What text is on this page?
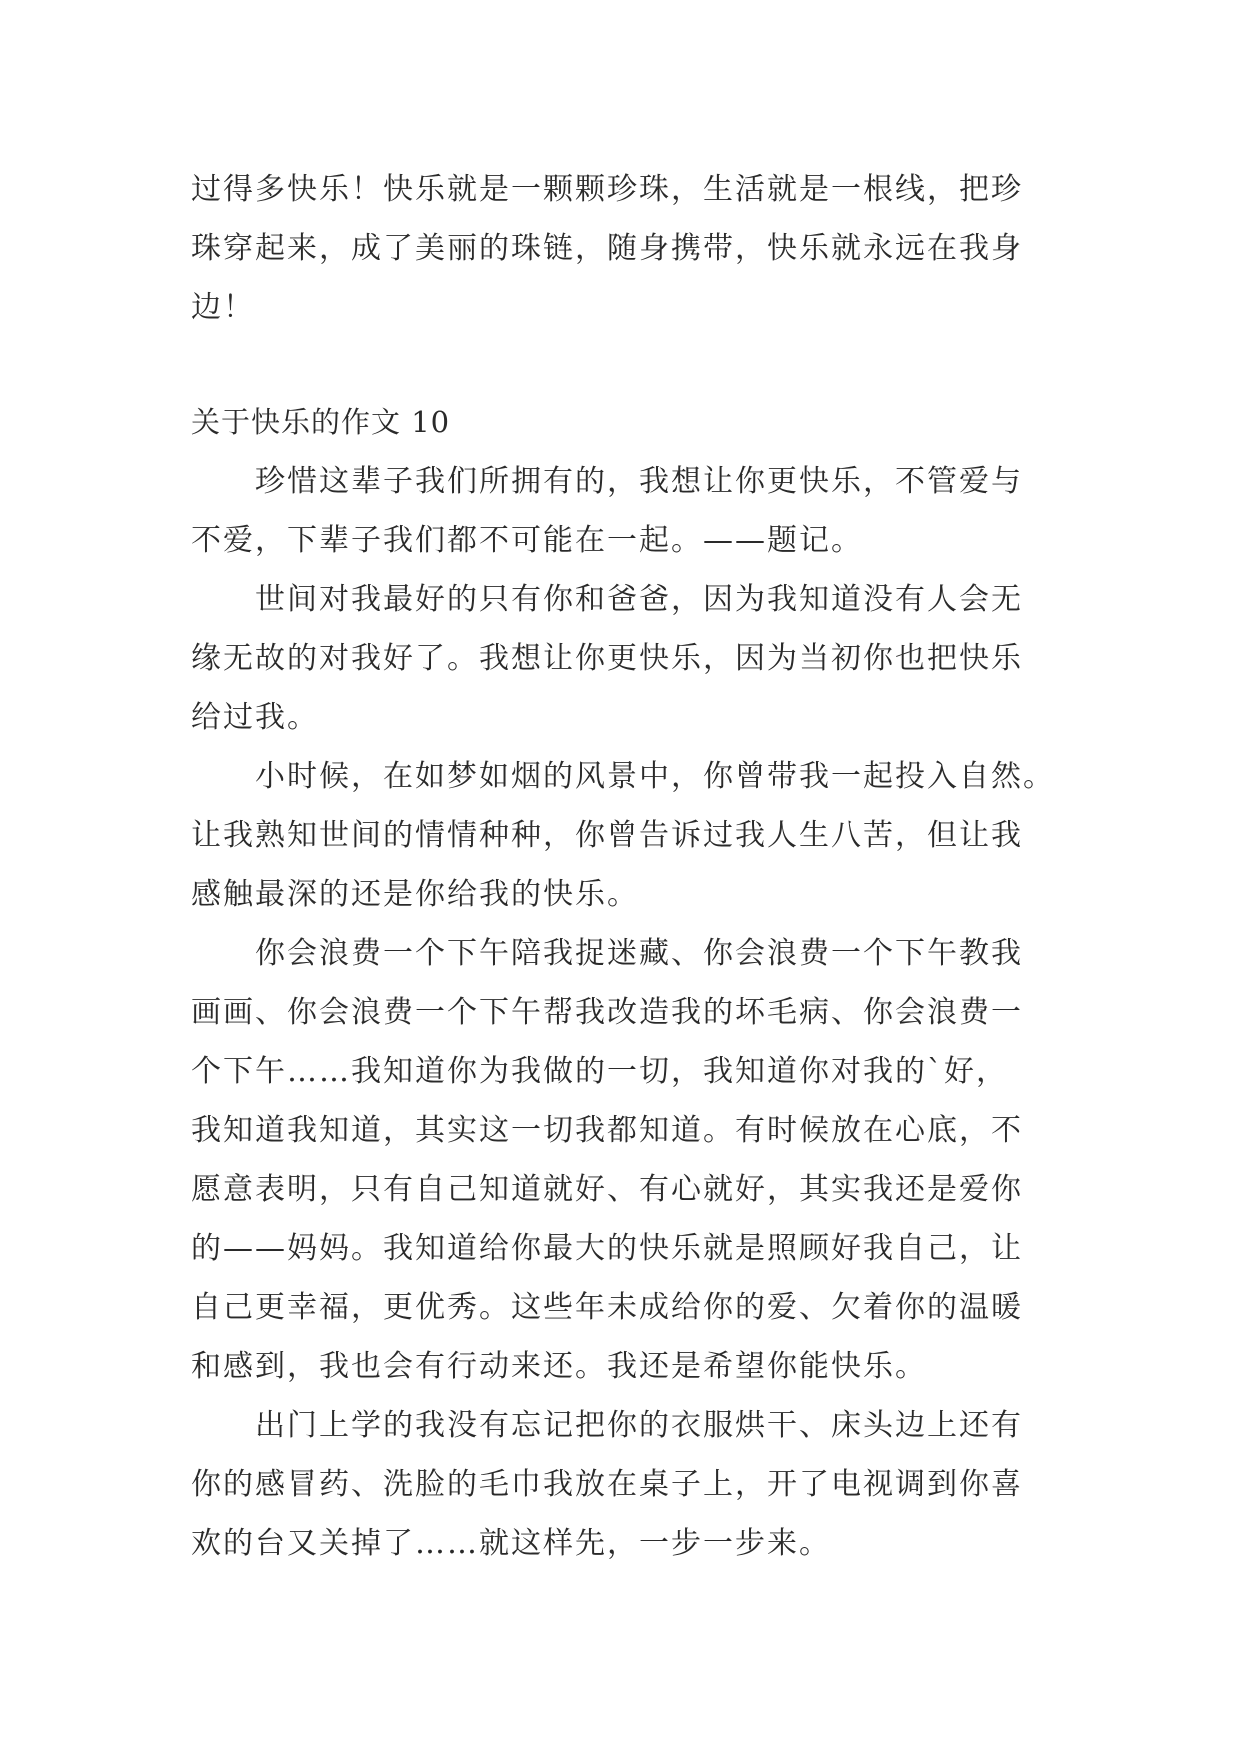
过得多快乐！快乐就是一颗颗珍珠，生活就是一根线，把珍
珠穿起来，成了美丽的珠链，随身携带，快乐就永远在我身
边！
关于快乐的作文 10
珍惜这辈子我们所拥有的，我想让你更快乐，不管爱与
不爱，下辈子我们都不可能在一起。——题记。
世间对我最好的只有你和爸爸，因为我知道没有人会无
缘无故的对我好了。我想让你更快乐，因为当初你也把快乐
给过我。
小时候，在如梦如烟的风景中，你曾带我一起投入自然。
让我熟知世间的情情种种，你曾告诉过我人生八苦，但让我
感触最深的还是你给我的快乐。
你会浪费一个下午陪我捉迷藏、你会浪费一个下午教我
画画、你会浪费一个下午帮我改造我的坏毛病、你会浪费一
个下午……我知道你为我做的一切，我知道你对我的`好，
我知道我知道，其实这一切我都知道。有时候放在心底，不
愿意表明，只有自己知道就好、有心就好，其实我还是爱你
的——妈妈。我知道给你最大的快乐就是照顾好我自己，让
自己更幸福，更优秀。这些年未成给你的爱、欠着你的温暖
和感到，我也会有行动来还。我还是希望你能快乐。
出门上学的我没有忘记把你的衣服烘干、床头边上还有
你的感冒药、洗脸的毛巾我放在桌子上，开了电视调到你喜
欢的台又关掉了……就这样先，一步一步来。
